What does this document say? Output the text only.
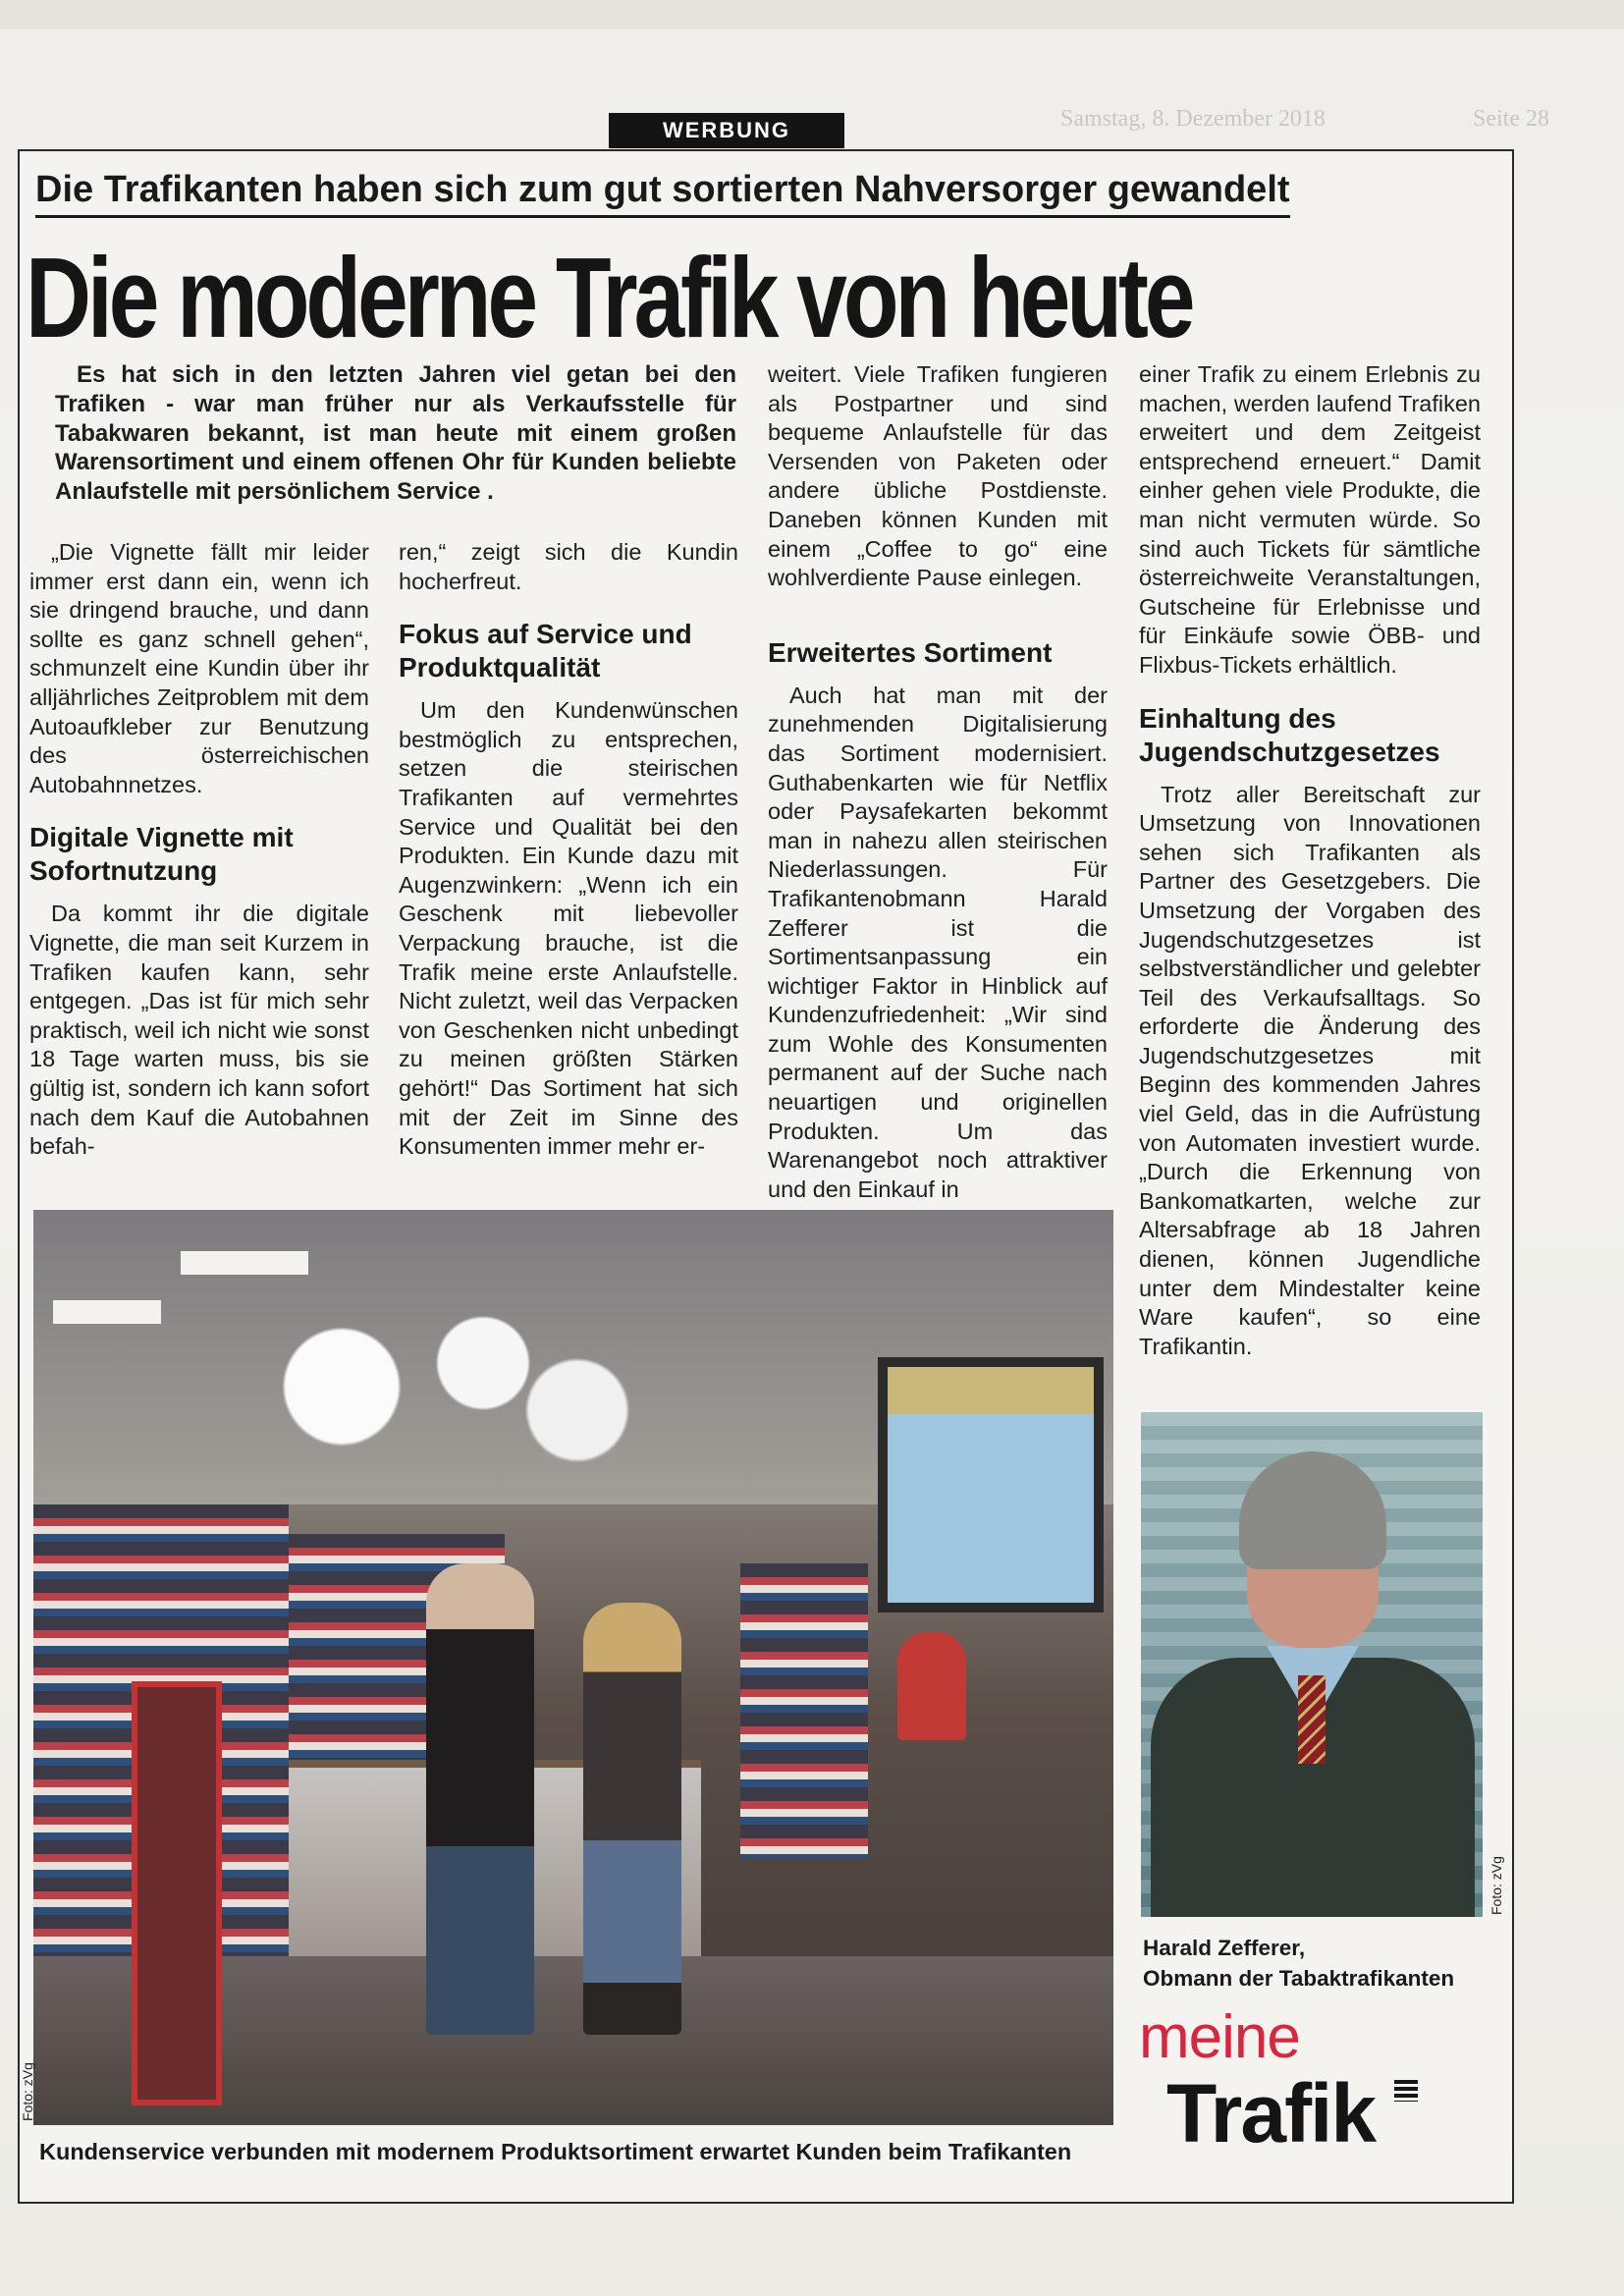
Samstag, 8. Dezember 2018	Seite 28
WERBUNG
Die Trafikanten haben sich zum gut sortierten Nahversorger gewandelt
Die moderne Trafik von heute

Es hat sich in den letzten Jahren viel getan bei den Trafiken - war man früher nur als Verkaufsstelle für Tabakwaren bekannt, ist man heute mit einem großen Warensortiment und einem offenen Ohr für Kunden beliebte Anlaufstelle mit persönlichem Service .

„Die Vignette fällt mir leider immer erst dann ein, wenn ich sie dringend brauche, und dann sollte es ganz schnell gehen“, schmunzelt eine Kundin über ihr alljährliches Zeitproblem mit dem Autoaufkleber zur Benutzung des österreichischen Autobahnnetzes.

Digitale Vignette mit Sofortnutzung

Da kommt ihr die digitale Vignette, die man seit Kurzem in Trafiken kaufen kann, sehr entgegen. „Das ist für mich sehr praktisch, weil ich nicht wie sonst 18 Tage warten muss, bis sie gültig ist, sondern ich kann sofort nach dem Kauf die Autobahnen befah-

ren,“ zeigt sich die Kundin hocherfreut.

Fokus auf Service und Produktqualität

Um den Kundenwünschen bestmöglich zu entsprechen, setzen die steirischen Trafikanten auf vermehrtes Service und Qualität bei den Produkten. Ein Kunde dazu mit Augenzwinkern: „Wenn ich ein Geschenk mit liebevoller Verpackung brauche, ist die Trafik meine erste Anlaufstelle. Nicht zuletzt, weil das Verpacken von Geschenken nicht unbedingt zu meinen größten Stärken gehört!“ Das Sortiment hat sich mit der Zeit im Sinne des Konsumenten immer mehr er-

weitert. Viele Trafiken fungieren als Postpartner und sind bequeme Anlaufstelle für das Versenden von Paketen oder andere übliche Postdienste. Daneben können Kunden mit einem „Coffee to go“ eine wohlverdiente Pause einlegen.

Erweitertes Sortiment

Auch hat man mit der zunehmenden Digitalisierung das Sortiment modernisiert. Guthabenkarten wie für Netflix oder Paysafekarten bekommt man in nahezu allen steirischen Niederlassungen. Für Trafikantenobmann Harald Zefferer ist die Sortimentsanpassung ein wichtiger Faktor in Hinblick auf Kundenzufriedenheit: „Wir sind zum Wohle des Konsumenten permanent auf der Suche nach neuartigen und originellen Produkten. Um das Warenangebot noch attraktiver und den Einkauf in

einer Trafik zu einem Erlebnis zu machen, werden laufend Trafiken erweitert und dem Zeitgeist entsprechend erneuert.“ Damit einher gehen viele Produkte, die man nicht vermuten würde. So sind auch Tickets für sämtliche österreichweite Veranstaltungen, Gutscheine für Erlebnisse und für Einkäufe sowie ÖBB- und Flixbus-Tickets erhältlich.

Einhaltung des Jugendschutzgesetzes

Trotz aller Bereitschaft zur Umsetzung von Innovationen sehen sich Trafikanten als Partner des Gesetzgebers. Die Umsetzung der Vorgaben des Jugendschutzgesetzes ist selbstverständlicher und gelebter Teil des Verkaufsalltags. So erforderte die Änderung des Jugendschutzgesetzes mit Beginn des kommenden Jahres viel Geld, das in die Aufrüstung von Automaten investiert wurde. „Durch die Erkennung von Bankomatkarten, welche zur Altersabfrage ab 18 Jahren dienen, können Jugendliche unter dem Mindestalter keine Ware kaufen“, so eine Trafikantin.

Foto: zVg
Kundenservice verbunden mit modernem Produktsortiment erwartet Kunden beim Trafikanten
Foto: zVg
Harald Zefferer,
Obmann der Tabaktrafikanten
meine
Trafik
